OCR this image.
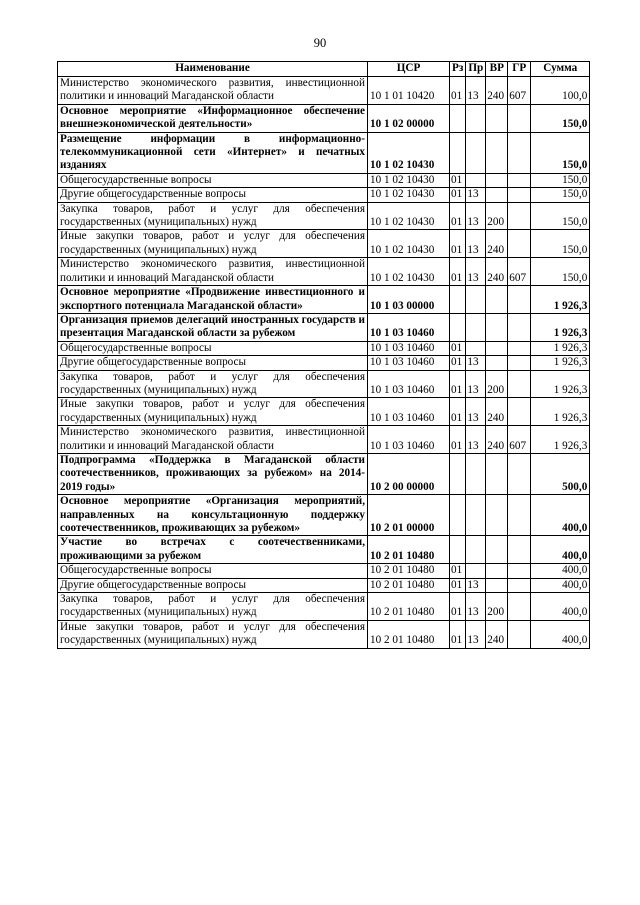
90
Наименование	ЦСР	Рз	Пр	ВР	ГР	Сумма
Министерство экономического развития, инвестиционной политики и инноваций Магаданской области	10 1 01 10420	01	13	240	607	100,0
Основное мероприятие «Информационное обеспечение внешнеэкономической деятельности»	10 1 02 00000					150,0
Размещение информации в информационно-телекоммуникационной сети «Интернет» и печатных изданиях	10 1 02 10430					150,0
Общегосударственные вопросы	10 1 02 10430	01				150,0
Другие общегосударственные вопросы	10 1 02 10430	01	13			150,0
Закупка товаров, работ и услуг для обеспечения государственных (муниципальных) нужд	10 1 02 10430	01	13	200		150,0
Иные закупки товаров, работ и услуг для обеспечения государственных (муниципальных) нужд	10 1 02 10430	01	13	240		150,0
Министерство экономического развития, инвестиционной политики и инноваций Магаданской области	10 1 02 10430	01	13	240	607	150,0
Основное мероприятие «Продвижение инвестиционного и экспортного потенциала Магаданской области»	10 1 03 00000					1 926,3
Организация приемов делегаций иностранных государств и презентация Магаданской области за рубежом	10 1 03 10460					1 926,3
Общегосударственные вопросы	10 1 03 10460	01				1 926,3
Другие общегосударственные вопросы	10 1 03 10460	01	13			1 926,3
Закупка товаров, работ и услуг для обеспечения государственных (муниципальных) нужд	10 1 03 10460	01	13	200		1 926,3
Иные закупки товаров, работ и услуг для обеспечения государственных (муниципальных) нужд	10 1 03 10460	01	13	240		1 926,3
Министерство экономического развития, инвестиционной политики и инноваций Магаданской области	10 1 03 10460	01	13	240	607	1 926,3
Подпрограмма «Поддержка в Магаданской области соотечественников, проживающих за рубежом» на 2014-2019 годы»	10 2 00 00000					500,0
Основное мероприятие «Организация мероприятий, направленных на консультационную поддержку соотечественников, проживающих за рубежом»	10 2 01 00000					400,0
Участие во встречах с соотечественниками, проживающими за рубежом	10 2 01 10480					400,0
Общегосударственные вопросы	10 2 01 10480	01				400,0
Другие общегосударственные вопросы	10 2 01 10480	01	13			400,0
Закупка товаров, работ и услуг для обеспечения государственных (муниципальных) нужд	10 2 01 10480	01	13	200		400,0
Иные закупки товаров, работ и услуг для обеспечения государственных (муниципальных) нужд	10 2 01 10480	01	13	240		400,0
